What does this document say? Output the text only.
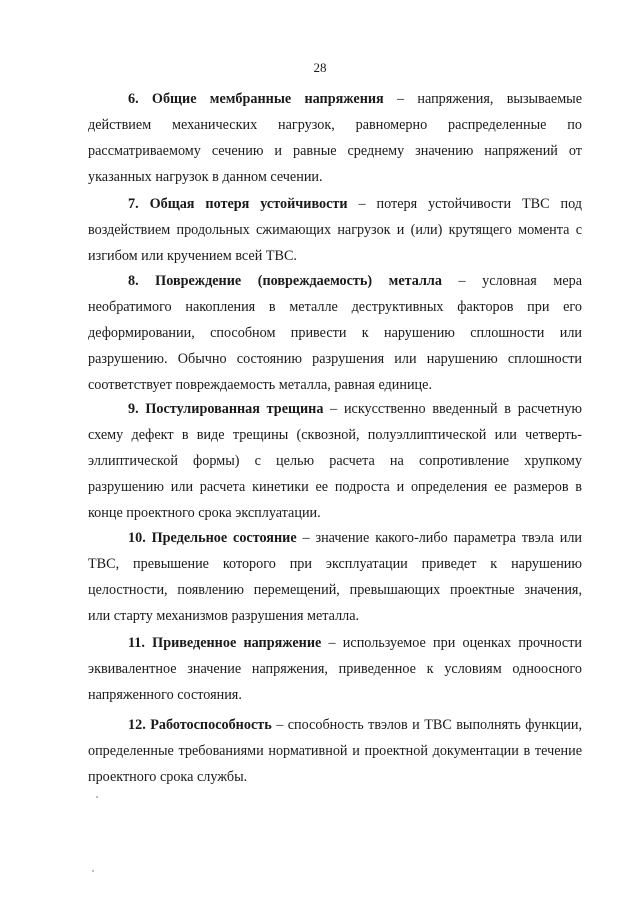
28
6. Общие мембранные напряжения – напряжения, вызываемые
действием механических нагрузок, равномерно распределенные по
рассматриваемому сечению и равные среднему значению напряжений от
указанных нагрузок в данном сечении.
7. Общая потеря устойчивости – потеря устойчивости ТВС под
воздействием продольных сжимающих нагрузок и (или) крутящего момента с
изгибом или кручением всей ТВС.
8. Повреждение (повреждаемость) металла – условная мера
необратимого накопления в металле деструктивных факторов при его
деформировании, способном привести к нарушению сплошности или
разрушению. Обычно состоянию разрушения или нарушению сплошности
соответствует повреждаемость металла, равная единице.
9. Постулированная трещина – искусственно введенный в расчетную
схему дефект в виде трещины (сквозной, полуэллиптической или четверть-
эллиптической формы) с целью расчета на сопротивление хрупкому
разрушению или расчета кинетики ее подроста и определения ее размеров в
конце проектного срока эксплуатации.
10. Предельное состояние – значение какого-либо параметра твэла или
ТВС, превышение которого при эксплуатации приведет к нарушению
целостности, появлению перемещений, превышающих проектные значения,
или старту механизмов разрушения металла.
11. Приведенное напряжение – используемое при оценках прочности
эквивалентное значение напряжения, приведенное к условиям одноосного
напряженного состояния.
12. Работоспособность – способность твэлов и ТВС выполнять функции,
определенные требованиями нормативной и проектной документации в течение
проектного срока службы.
